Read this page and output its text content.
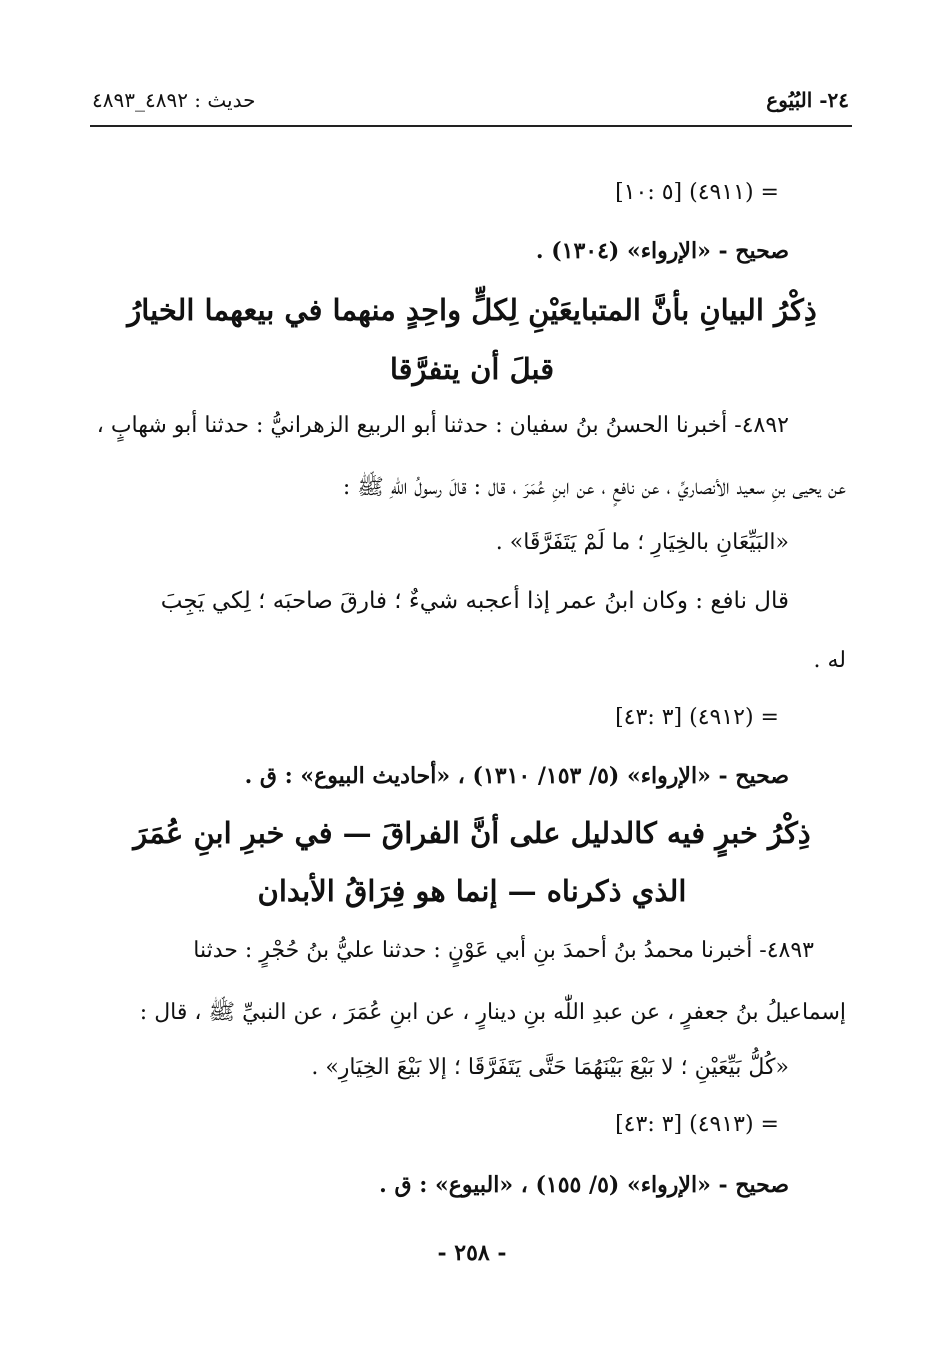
٢٤- البُيُوع
حديث : ٤٨٩٢_٤٨٩٣
= (٤٩١١) [٥ :١٠]
صحيح - «الإرواء» (١٣٠٤) .
ذِكْرُ البيانِ بأنَّ المتبايعَيْنِ لِكلٍّ واحِدٍ منهما في بيعهما الخيارُ
قبلَ أن يتفرَّقا
٤٨٩٢- أخبرنا الحسنُ بنُ سفيان : حدثنا أبو الربيع الزهرانيُّ : حدثنا أبو شهابٍ ،
عن يحيى بنِ سعيد الأنصاريِّ ، عن نافعٍ ، عن ابنِ عُمَرَ ، قال : قالَ رسولُ اللّٰهِ ﷺ :
«البَيِّعَانِ بالخِيَارِ ؛ ما لَمْ يَتَفَرَّقَا» .
قال نافع : وكان ابنُ عمر إذا أعجبه شيءٌ ؛ فارقَ صاحبَه ؛ لِكي يَجِبَ
له .
= (٤٩١٢) [٣ :٤٣]
صحيح - «الإرواء» (٥/ ١٥٣/ ١٣١٠) ، «أحاديث البيوع» : ق .
ذِكْرُ خبرٍ فيه كالدليل على أنَّ الفراقَ — في خبرِ ابنِ عُمَرَ
الذي ذكرناه — إنما هو فِرَاقُ الأبدان
٤٨٩٣- أخبرنا محمدُ بنُ أحمدَ بنِ أبي عَوْنٍ : حدثنا عليُّ بنُ حُجْرٍ : حدثنا
إسماعيلُ بنُ جعفرٍ ، عن عبدِ اللّٰه بنِ دينارٍ ، عن ابنِ عُمَرَ ، عن النبيِّ ﷺ ، قال :
«كُلُّ بَيِّعَيْنِ ؛ لا بَيْعَ بَيْنَهُمَا حَتَّى يَتَفَرَّقَا ؛ إلا بَيْعَ الخِيَارِ» .
= (٤٩١٣) [٣ :٤٣]
صحيح - «الإرواء» (٥/ ١٥٥) ، «البيوع» : ق .
- ٢٥٨ -
